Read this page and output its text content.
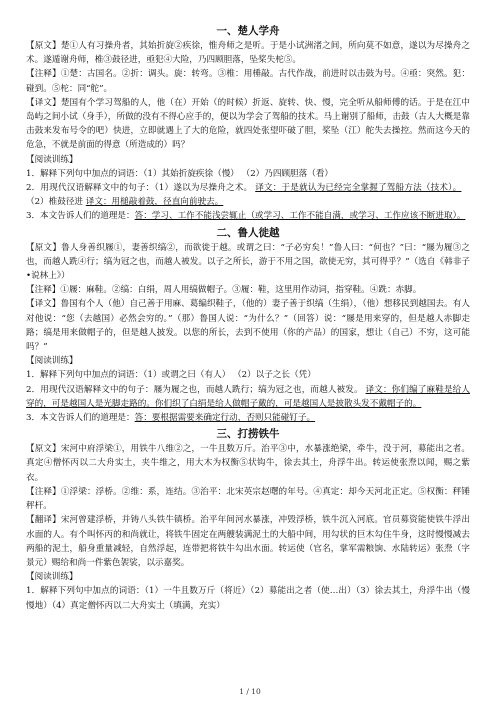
一、楚人学舟

【原文】楚①人有习操舟者，其始折旋②疾徐，惟舟师之是听。于是小试洲渚之间，所向莫不如意，遂以为尽操舟之术。遂遁谢舟师，椎③鼓径进，亟犯④大险，乃四顾胆落，坠桨失柁⑤。

【注释】①楚：古国名。②折：调头。旋：转弯。③椎：用棰敲。古代作战，前进时以击鼓为号。④亟：突然。犯：碰到。⑤柁：同“舵”。

【译文】楚国有个学习驾船的人，他（在）开始（的时候）折返、旋转、快、慢，完全听从船师傅的话。于是在江中岛屿之间小试（身手），所做的没有不得心应手的，便以为学会了驾船的技术。马上谢别了船师，击鼓（古人大概是靠击鼓来发布号令的吧）快进，立即就遇上了大的危险，就四处张望吓破了胆，桨坠（江）舵失去操控。然而这今天的危急，不就是前面的得意（所造成的）吗？

【阅读训练】

1．解释下列句中加点的词语：（1）其始折旋疾徐（慢） （2）乃四顾胆落（看）

2．用现代汉语解释文中的句子：（1）遂以为尽操舟之术。 译文：于是就认为已经完全掌握了驾船方法（技术）。 （2）椎鼓径进 译文：用槌敲着鼓，径直向前驶去。

3．本文告诉人们的道理是：答：学习、工作不能浅尝辄止（或学习、工作不能自满，或学习、工作应该不断进取）。

二、鲁人徙越

【原文】鲁人身善织屦①，妻善织缟②，而欲徙于越。或谓之曰：“子必穷矣！”鲁人曰：“何也？”曰：“屦为履③之也，而越人跣④行；缟为冠之也，而越人被发。以子之所长，游于不用之国，欲使无穷，其可得乎？”（选自《韩非子•说林上》）

【注释】①屦：麻鞋。②缟：白绢，周人用缟做帽子。③履：鞋，这里用作动词，指穿鞋。④跣：赤脚。

【译文】鲁国有个人（他）自己善于用麻、葛编织鞋子，（他的）妻子善于织缟（生绢），（他）想移民到越国去。有人对他说：“您（去越国）必然会穷的。”（那）鲁国人说：“为什么？”（回答）说：“屦是用来穿的，但是越人赤脚走路；缟是用来做帽子的，但是越人披发。以您的所长，去到不使用（你的产品）的国家，想让（自己）不穷，这可能吗？”

【阅读训练】

1．解释下列句中加点的词语：（1）或谓之曰（有人） （2）以子之长（凭）

2．用现代汉语解释文中的句子：屦为履之也，而越人跣行；缟为冠之也，而越人被发。 译文：你们编了麻鞋是给人穿的，可是越国人是光脚走路的。你们织了白绢是给人做帽子戴的，可是越国人是披散头发不戴帽子的。

3．本文告诉人们的道理是：答：要根据需要来确定行动，否则只能碰钉子。

三、打捞铁牛

【原文】宋河中府浮梁①，用铁牛八维②之，一牛且数万斤。治平③中，水暴涨绝梁，牵牛，没于河，募能出之者。真定④僧怀丙以二大舟实土，夹牛维之，用大木为权衡⑤状钩牛，徐去其土，舟浮牛出。转运使张焘以闻，赐之紫衣。

【注释】①浮梁：浮桥。②维：系，连结。③治平：北宋英宗赵曙的年号。④真定：却今天河北正定。⑤权衡：秤锤秤杆。

【翻译】宋河曾建浮桥，并铸八头铁牛镇桥。治平年间河水暴涨，冲毁浮桥，铁牛沉入河底。官员募资能使铁牛浮出水面的人。有个叫怀丙的和尚就让，将铁牛固定在两艘装满泥土的大船中间，用勾状的巨木勾住牛身，这时慢慢减去两船的泥土，船身重量减轻，自然浮起，连带把将铁牛勾出水面。转运使（官名，掌军需粮饷、水陆转运）张焘（字景元）赐给和尚一件紫色袈裟，以示嘉奖。

【阅读训练】

1．解释下列句中加点的词语：（1）一牛且数万斤（将近）（2）募能出之者（使…出）（3）徐去其土，舟浮牛出（慢慢地）（4）真定僧怀丙以二大舟实土（填满，充实）

1 / 10
